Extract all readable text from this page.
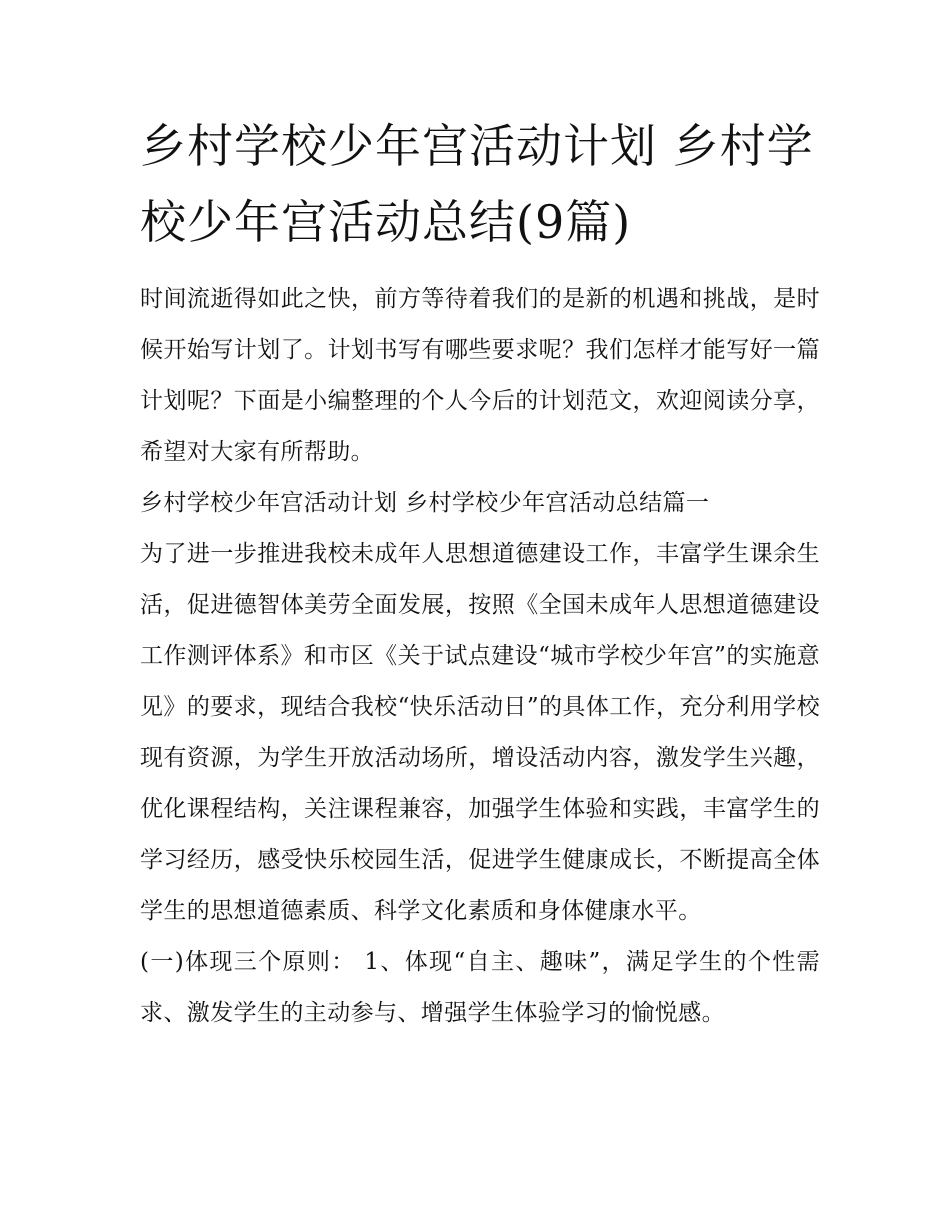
乡村学校少年宫活动计划 乡村学校少年宫活动总结(9篇)

时间流逝得如此之快，前方等待着我们的是新的机遇和挑战，是时候开始写计划了。计划书写有哪些要求呢？我们怎样才能写好一篇计划呢？下面是小编整理的个人今后的计划范文，欢迎阅读分享，希望对大家有所帮助。

乡村学校少年宫活动计划 乡村学校少年宫活动总结篇一

为了进一步推进我校未成年人思想道德建设工作，丰富学生课余生活，促进德智体美劳全面发展，按照《全国未成年人思想道德建设工作测评体系》和市区《关于试点建设“城市学校少年宫”的实施意见》的要求，现结合我校“快乐活动日”的具体工作，充分利用学校现有资源，为学生开放活动场所，增设活动内容，激发学生兴趣，优化课程结构，关注课程兼容，加强学生体验和实践，丰富学生的学习经历，感受快乐校园生活，促进学生健康成长，不断提高全体学生的思想道德素质、科学文化素质和身体健康水平。

(一)体现三个原则： 1、体现“自主、趣味”，满足学生的个性需求、激发学生的主动参与、增强学生体验学习的愉悦感。
